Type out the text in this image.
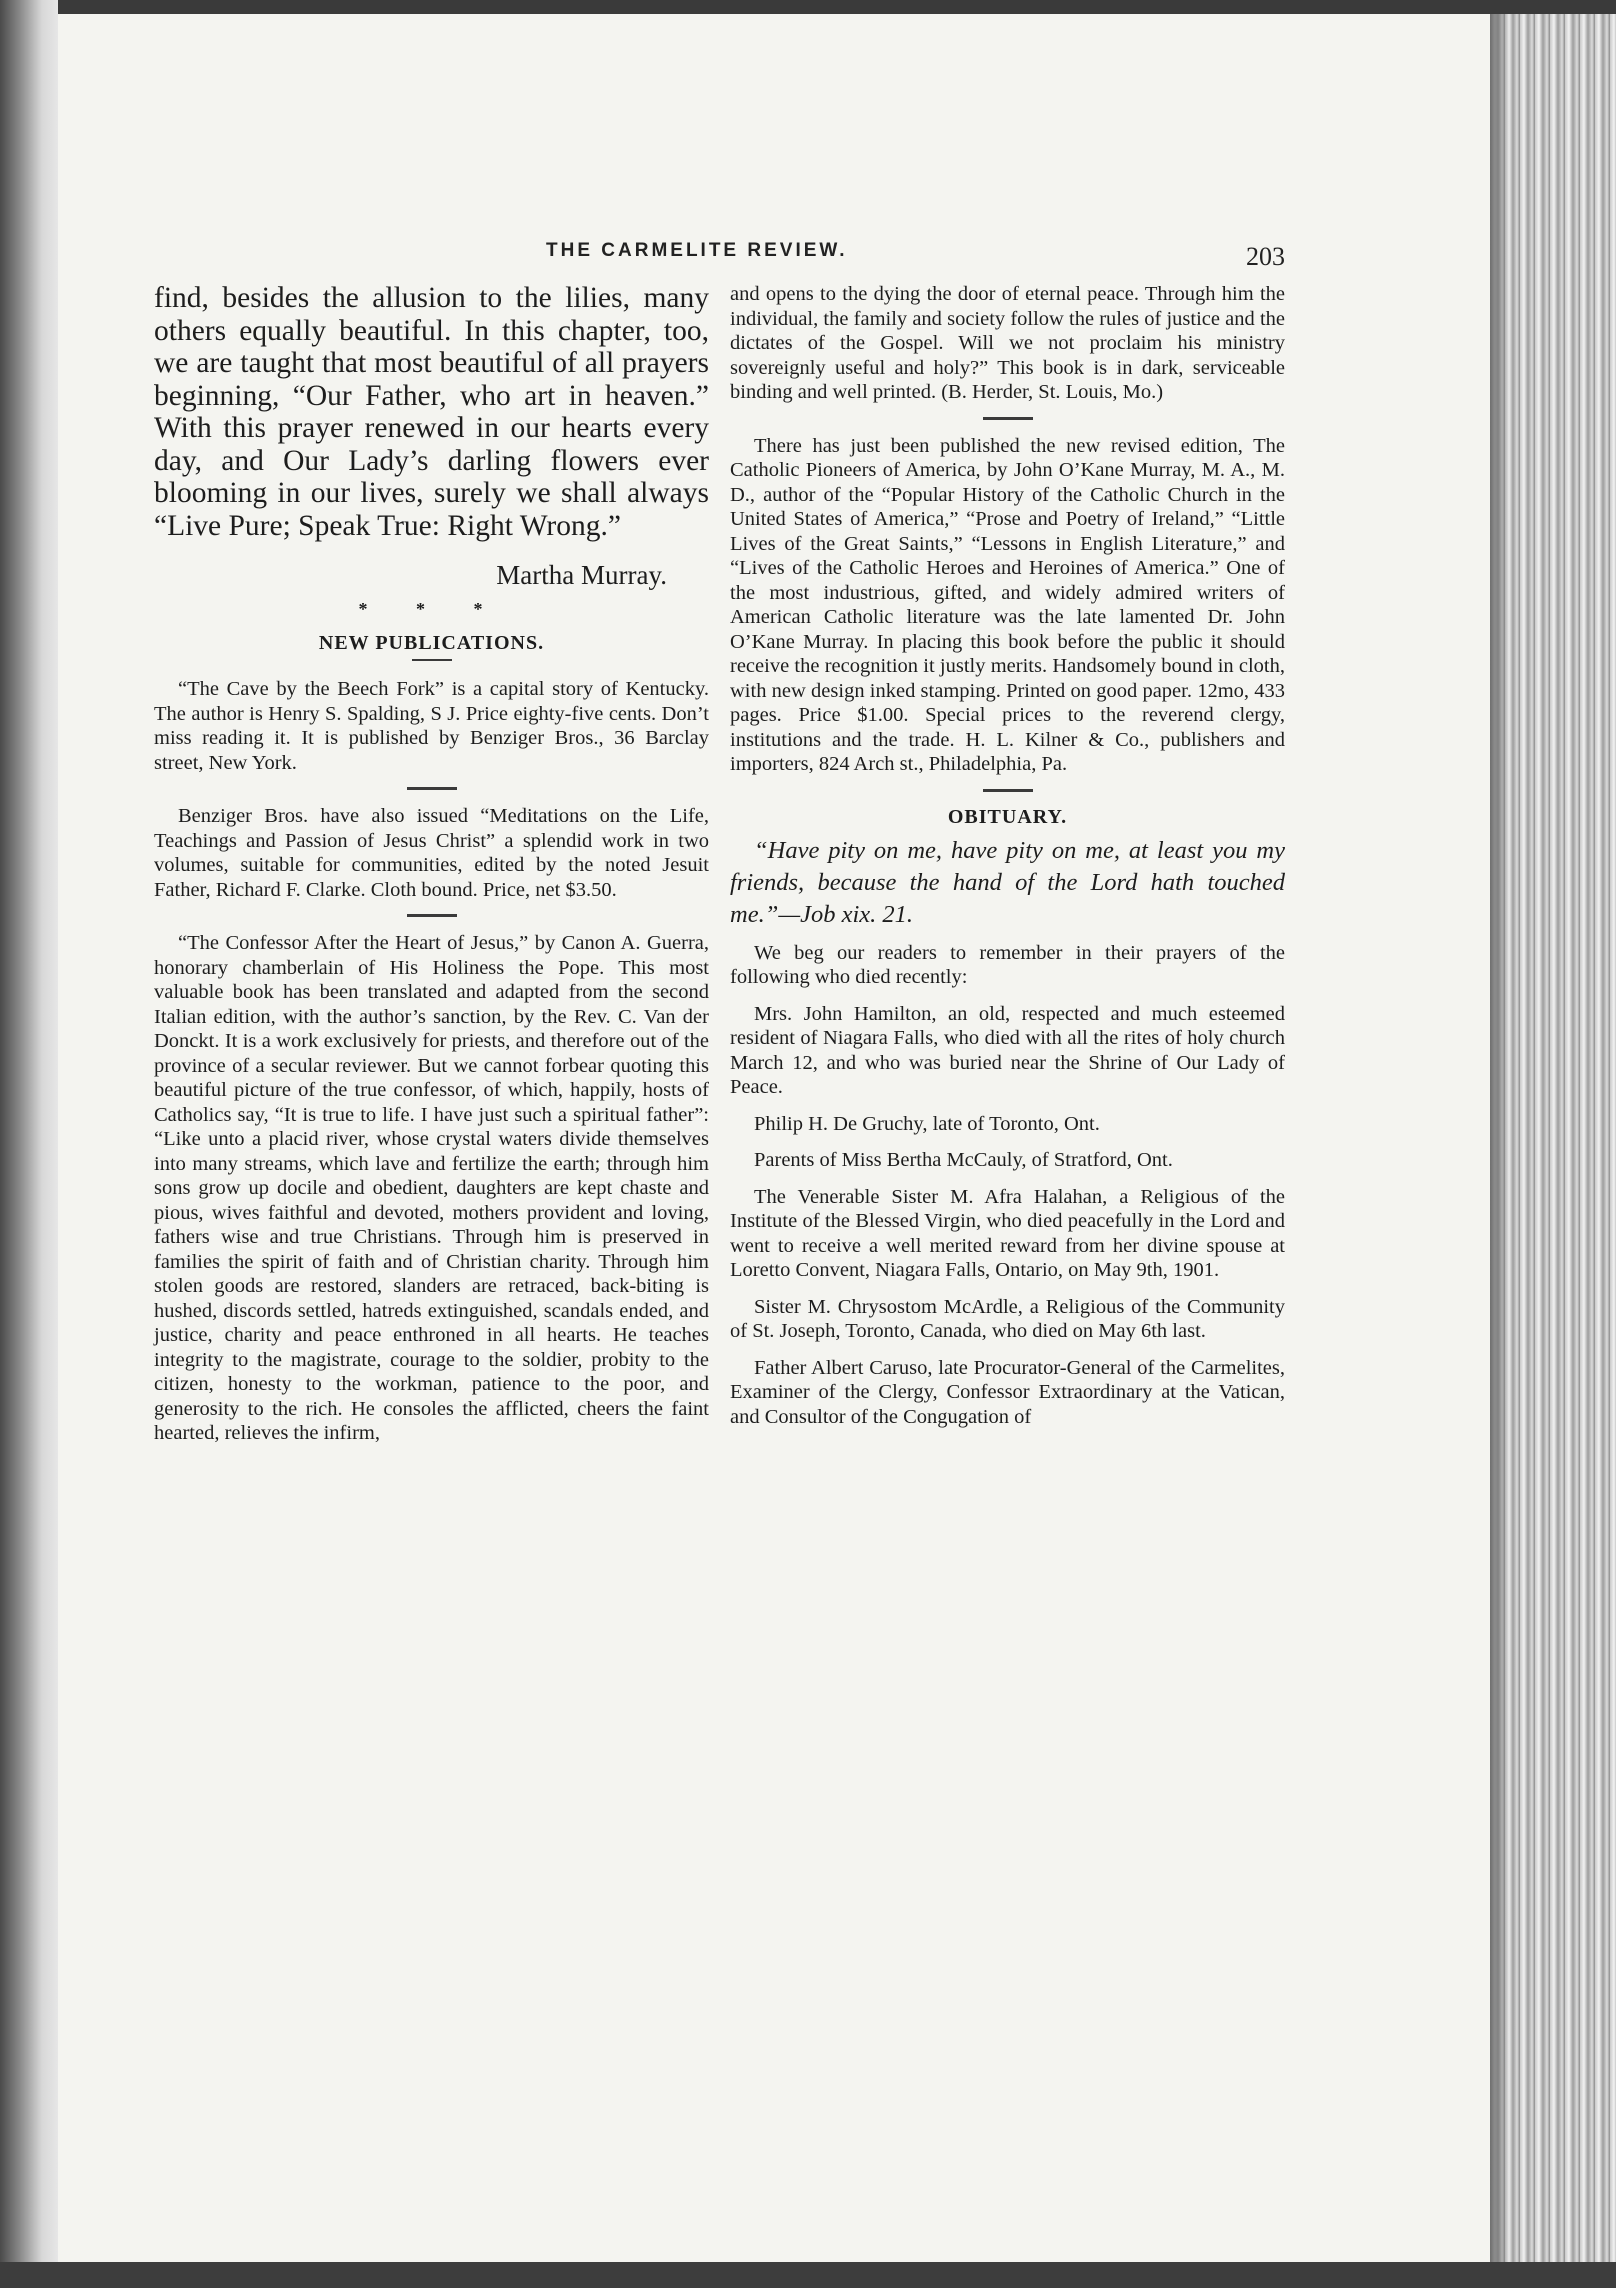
THE CARMELITE REVIEW.	203

find, besides the allusion to the lilies, many others equally beautiful. In this chapter, too, we are taught that most beautiful of all prayers beginning, “Our Father, who art in heaven.” With this prayer renewed in our hearts every day, and Our Lady’s darling flowers ever blooming in our lives, surely we shall always “Live Pure; Speak True: Right Wrong.”

Martha Murray.
* * *
NEW PUBLICATIONS.

“The Cave by the Beech Fork” is a capital story of Kentucky. The author is Henry S. Spalding, S J. Price eighty-five cents. Don’t miss reading it. It is published by Benziger Bros., 36 Barclay street, New York.

Benziger Bros. have also issued “Meditations on the Life, Teachings and Passion of Jesus Christ” a splendid work in two volumes, suitable for communities, edited by the noted Jesuit Father, Richard F. Clarke. Cloth bound. Price, net $3.50.

“The Confessor After the Heart of Jesus,” by Canon A. Guerra, honorary chamberlain of His Holiness the Pope. This most valuable book has been translated and adapted from the second Italian edition, with the author’s sanction, by the Rev. C. Van der Donckt. It is a work exclusively for priests, and therefore out of the province of a secular reviewer. But we cannot forbear quoting this beautiful picture of the true confessor, of which, happily, hosts of Catholics say, “It is true to life. I have just such a spiritual father”: “Like unto a placid river, whose crystal waters divide themselves into many streams, which lave and fertilize the earth; through him sons grow up docile and obedient, daughters are kept chaste and pious, wives faithful and devoted, mothers provident and loving, fathers wise and true Christians. Through him is preserved in families the spirit of faith and of Christian charity. Through him stolen goods are restored, slanders are retraced, back-biting is hushed, discords settled, hatreds extinguished, scandals ended, and justice, charity and peace enthroned in all hearts. He teaches integrity to the magistrate, courage to the soldier, probity to the citizen, honesty to the workman, patience to the poor, and generosity to the rich. He consoles the afflicted, cheers the faint hearted, relieves the infirm,

and opens to the dying the door of eternal peace. Through him the individual, the family and society follow the rules of justice and the dictates of the Gospel. Will we not proclaim his ministry sovereignly useful and holy?” This book is in dark, serviceable binding and well printed. (B. Herder, St. Louis, Mo.)

There has just been published the new revised edition, The Catholic Pioneers of America, by John O’Kane Murray, M. A., M. D., author of the “Popular History of the Catholic Church in the United States of America,” “Prose and Poetry of Ireland,” “Little Lives of the Great Saints,” “Lessons in English Literature,” and “Lives of the Catholic Heroes and Heroines of America.” One of the most industrious, gifted, and widely admired writers of American Catholic literature was the late lamented Dr. John O’Kane Murray. In placing this book before the public it should receive the recognition it justly merits. Handsomely bound in cloth, with new design inked stamping. Printed on good paper. 12mo, 433 pages. Price $1.00. Special prices to the reverend clergy, institutions and the trade. H. L. Kilner & Co., publishers and importers, 824 Arch st., Philadelphia, Pa.

OBITUARY.

“Have pity on me, have pity on me, at least you my friends, because the hand of the Lord hath touched me.”—Job xix. 21.

We beg our readers to remember in their prayers of the following who died recently:

Mrs. John Hamilton, an old, respected and much esteemed resident of Niagara Falls, who died with all the rites of holy church March 12, and who was buried near the Shrine of Our Lady of Peace.

Philip H. De Gruchy, late of Toronto, Ont.

Parents of Miss Bertha McCauly, of Stratford, Ont.

The Venerable Sister M. Afra Halahan, a Religious of the Institute of the Blessed Virgin, who died peacefully in the Lord and went to receive a well merited reward from her divine spouse at Loretto Convent, Niagara Falls, Ontario, on May 9th, 1901.

Sister M. Chrysostom McArdle, a Religious of the Community of St. Joseph, Toronto, Canada, who died on May 6th last.

Father Albert Caruso, late Procurator-General of the Carmelites, Examiner of the Clergy, Confessor Extraordinary at the Vatican, and Consultor of the Congugation of
